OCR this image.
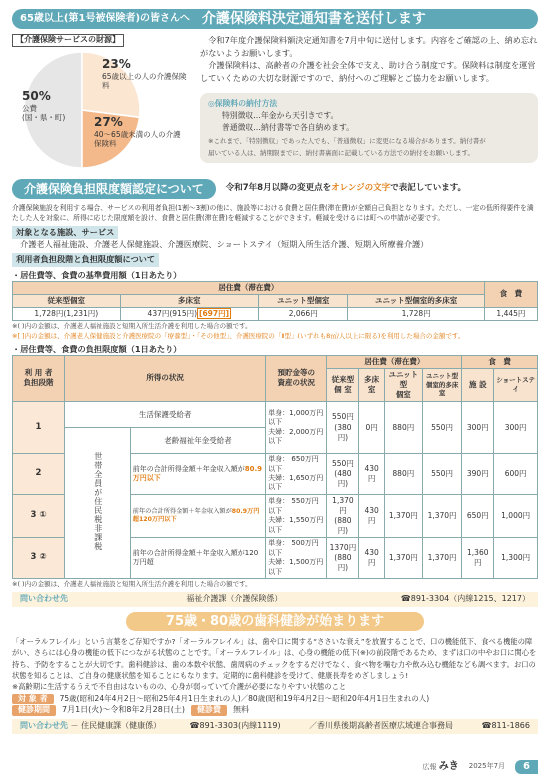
65歳以上(第1号被保険者)の皆さんへ 介護保険料決定通知書を送付します
【介護保険サービスの財源】
50%
公費
(国・県・町)
23%
65歳以上の人の介護保険料
27%
40～65歳未満の人の介護保険料

令和7年度介護保険料額決定通知書を7月中旬に送付します。内容をご確認の上、納め忘れがないようお願いします。

介護保険料は、高齢者の介護を社会全体で支え、助け合う制度です。保険料は制度を運営していくための大切な財源ですので、納付へのご理解とご協力をお願いします。

◎保険料の納付方法
特別徴収…年金から天引きです。
普通徴収…納付書等で各自納めます。
※これまで、「特別徴収」であった人でも、「普通徴収」に変更になる場合があります。納付書が
届いている人は、納期限までに、納付書裏面に記載している方法での納付をお願いします。
介護保険負担限度額認定について	令和7年8月以降の変更点をオレンジの文字で表記しています。
介護保険施設を利用する場合、サービスの利用者負担(1割～3割)の他に、施設等における食費と居住費(滞在費)が全額自己負担となります。ただし、一定の低所得要件を満たした人を対象に、所得に応じた限度額を設け、食費と居住費(滞在費)を軽減することができます。軽減を受けるには町への申請が必要です。
対象となる施設、サービス
介護老人福祉施設、介護老人保健施設、介護医療院、ショートステイ（短期入所生活介護、短期入所療養介護）
利用者負担段階と負担限度額について
・居住費等、食費の基準費用額（1日あたり）
居住費（滞在費）				食　費
従来型個室	多床室	ユニット型個室	ユニット型個室的多床室	
1,728円(1,231円)	437円(915円) [697円]	2,066円	1,728円	1,445円
※( )内の金額は、介護老人福祉施設と短期入所生活介護を利用した場合の額です。
※[ ]内の金額は、介護老人保健施設と介護医療院の「療養型」・「その他型」、介護医療院の「Ⅱ型」(いずれも8㎡/人以上に限る)を利用した場合の金額です。
・居住費等、食費の負担限度額（1日あたり）
利 用 者
負担段階	所得の状況		預貯金等の
資産の状況	居住費（滞在費）				食　費	
				従来型
個 室	多床室	ユニット型
個室	ユニット型
個室的多床室	施 設	ショートステイ
1	生活保護受給者		単身：1,000万円以下
夫婦：2,000万円以下	550円
(380円)	0円	880円	550円	300円	300円
	世帯全員が住民税非課税	老齢福祉年金受給者							
2		前年の合計所得金額＋年金収入額が80.9万円以下	単身： 650万円以下
夫婦：1,650万円以下	550円
(480円)	430円	880円	550円	390円	600円
3 ①		前年の合計所得金額＋年金収入額が80.9万円超120万円以下	単身： 550万円以下
夫婦：1,550万円以下	1,370円
(880円)	430円	1,370円	1,370円	650円	1,000円
3 ②		前年の合計所得金額＋年金収入額が120万円超	単身： 500万円以下
夫婦：1,500万円以下	1370円
(880円)	430円	1,370円	1,370円	1,360円	1,300円
※( )内の金額は、介護老人福祉施設と短期入所生活介護を利用した場合の額です。
問い合わせ先	福祉介護課（介護保険係）	☎891-3304（内線1215、1217）
75歳・80歳の歯科健診が始まります
「オーラルフレイル」という言葉をご存知ですか?「オーラルフレイル」は、歯や口に関する“ささいな衰え”を放置することで、口の機能低下、食べる機能の障がい、さらには心身の機能の低下につながる状態のことです。「オーラルフレイル」は、心身の機能の低下(※)の前段階であるため、まずは口の中やお口に関心を持ち、予防をすることが大切です。歯科健診は、歯の本数や状態、歯周病のチェックをするだけでなく、食べ物を噛む力や飲み込む機能なども調べます。お口の状態を知ることは、ご自身の健康状態を知ることにもなります。定期的に歯科健診を受けて、健康長寿をめざしましょう!
※高齢期に生活するうえで不自由はないものの、心身が弱っていて介護が必要になりやすい状態のこと
対 象 者	75歳(昭和24年4月2日～昭和25年4月1日生まれの人)／80歳(昭和19年4月2日～昭和20年4月1日生まれの人)
健診期間	7月1日(火)～令和8年2月28日(土)	健診費	無料
問い合わせ先 － 住民健康課（健康係）	☎891-3303(内線1119)	／香川県後期高齢者医療広域連合事務局	☎811-1866
広報 みき 2025年7月	6
